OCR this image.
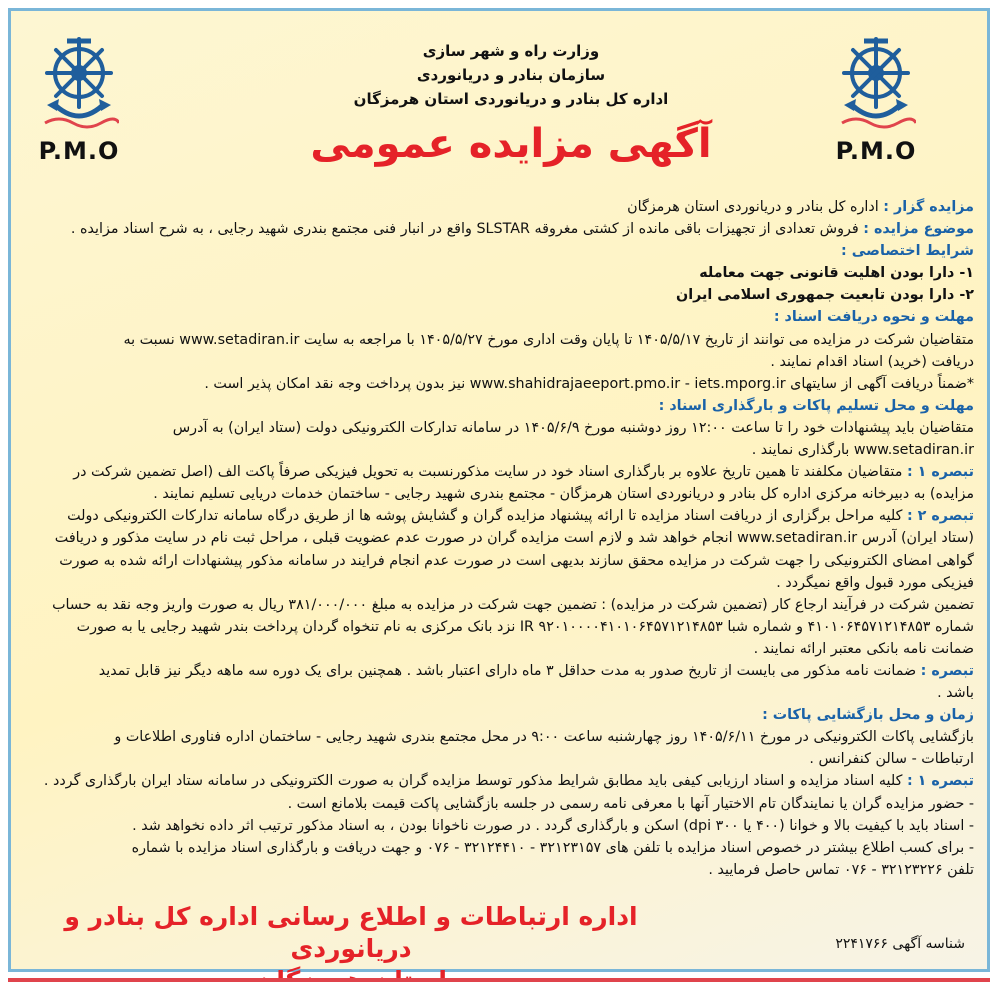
P.M.O	P.M.O
وزارت راه و شهر سازی
سازمان بنادر و دریانوردی
اداره کل بنادر و دریانوردی استان هرمزگان
آگهی مزایده عمومی
مزایده گزار : اداره کل بنادر و دریانوردی استان هرمزگان
موضوع مزایده : فروش تعدادی از تجهیزات باقی مانده از کشتی مغروقه SLSTAR واقع در انبار فنی مجتمع بندری شهید رجایی ، به شرح اسناد مزایده .
شرایط اختصاصی :
۱- دارا بودن اهلیت قانونی جهت معامله
۲- دارا بودن تابعیت جمهوری اسلامی ایران
مهلت و نحوه دریافت اسناد :
متقاضیان شرکت در مزایده می توانند از تاریخ ۱۴۰۵/۵/۱۷ تا پایان وقت اداری مورخ ۱۴۰۵/۵/۲۷ با مراجعه به سایت www.setadiran.ir نسبت به
دریافت (خرید) اسناد اقدام نمایند .
*ضمناً دریافت آگهی از سایتهای www.shahidrajaeeport.pmo.ir - iets.mporg.ir نیز بدون پرداخت وجه نقد امکان پذیر است .
مهلت و محل تسلیم پاکات و بارگذاری اسناد :
متقاضیان باید پیشنهادات خود را تا ساعت ۱۲:۰۰ روز دوشنبه مورخ ۱۴۰۵/۶/۹ در سامانه تدارکات الکترونیکی دولت (ستاد ایران) به آدرس
www.setadiran.ir بارگذاری نمایند .
تبصره ۱ : متقاضیان مکلفند تا همین تاریخ علاوه بر بارگذاری اسناد خود در سایت مذکورنسبت به تحویل فیزیکی صرفاً پاکت الف (اصل تضمین شرکت در
مزایده) به دبیرخانه مرکزی اداره کل بنادر و دریانوردی استان هرمزگان - مجتمع بندری شهید رجایی - ساختمان خدمات دریایی تسلیم نمایند .
تبصره ۲ : کلیه مراحل برگزاری از دریافت اسناد مزایده تا ارائه پیشنهاد مزایده گران و گشایش پوشه ها از طریق درگاه سامانه تدارکات الکترونیکی دولت
(ستاد ایران) آدرس www.setadiran.ir انجام خواهد شد و لازم است مزایده گران در صورت عدم عضویت قبلی ، مراحل ثبت نام در سایت مذکور و دریافت
گواهی امضای الکترونیکی را جهت شرکت در مزایده محقق سازند بدیهی است در صورت عدم انجام فرایند در سامانه مذکور پیشنهادات ارائه شده به صورت
فیزیکی مورد قبول واقع نمیگردد .
تضمین شرکت در فرآیند ارجاع کار (تضمین شرکت در مزایده) : تضمین جهت شرکت در مزایده به مبلغ ۳۸۱/۰۰۰/۰۰۰ ریال به صورت واریز وجه نقد به حساب
شماره ۴۱۰۱۰۶۴۵۷۱۲۱۴۸۵۳ و شماره شبا IR ۹۲۰۱۰۰۰۰۴۱۰۱۰۶۴۵۷۱۲۱۴۸۵۳ نزد بانک مرکزی به نام تنخواه گردان پرداخت بندر شهید رجایی یا به صورت
ضمانت نامه بانکی معتبر ارائه نمایند .
تبصره : ضمانت نامه مذکور می بایست از تاریخ صدور به مدت حداقل ۳ ماه دارای اعتبار باشد . همچنین برای یک دوره سه ماهه دیگر نیز قابل تمدید
باشد .
زمان و محل بازگشایی پاکات :
بازگشایی پاکات الکترونیکی در مورخ ۱۴۰۵/۶/۱۱ روز چهارشنبه ساعت ۹:۰۰ در محل مجتمع بندری شهید رجایی - ساختمان اداره فناوری اطلاعات و
ارتباطات - سالن کنفرانس .
تبصره ۱ : کلیه اسناد مزایده و اسناد ارزیابی کیفی باید مطابق شرایط مذکور توسط مزایده گران به صورت الکترونیکی در سامانه ستاد ایران بارگذاری گردد .
- حضور مزایده گران یا نمایندگان تام الاختیار آنها با معرفی نامه رسمی در جلسه بازگشایی پاکت قیمت بلامانع است .
- اسناد باید با کیفیت بالا و خوانا (۴۰۰ یا ۳۰۰ dpi) اسکن و بارگذاری گردد . در صورت ناخوانا بودن ، به اسناد مذکور ترتیب اثر داده نخواهد شد .
- برای کسب اطلاع بیشتر در خصوص اسناد مزایده با تلفن های ۳۲۱۲۳۱۵۷ - ۳۲۱۲۴۴۱۰ - ۰۷۶ و جهت دریافت و بارگذاری اسناد مزایده با شماره
تلفن ۳۲۱۲۳۲۲۶ - ۰۷۶ تماس حاصل فرمایید .
شناسه آگهی ۲۲۴۱۷۶۶
اداره ارتباطات و اطلاع رسانی اداره کل بنادر و دریانوردی
